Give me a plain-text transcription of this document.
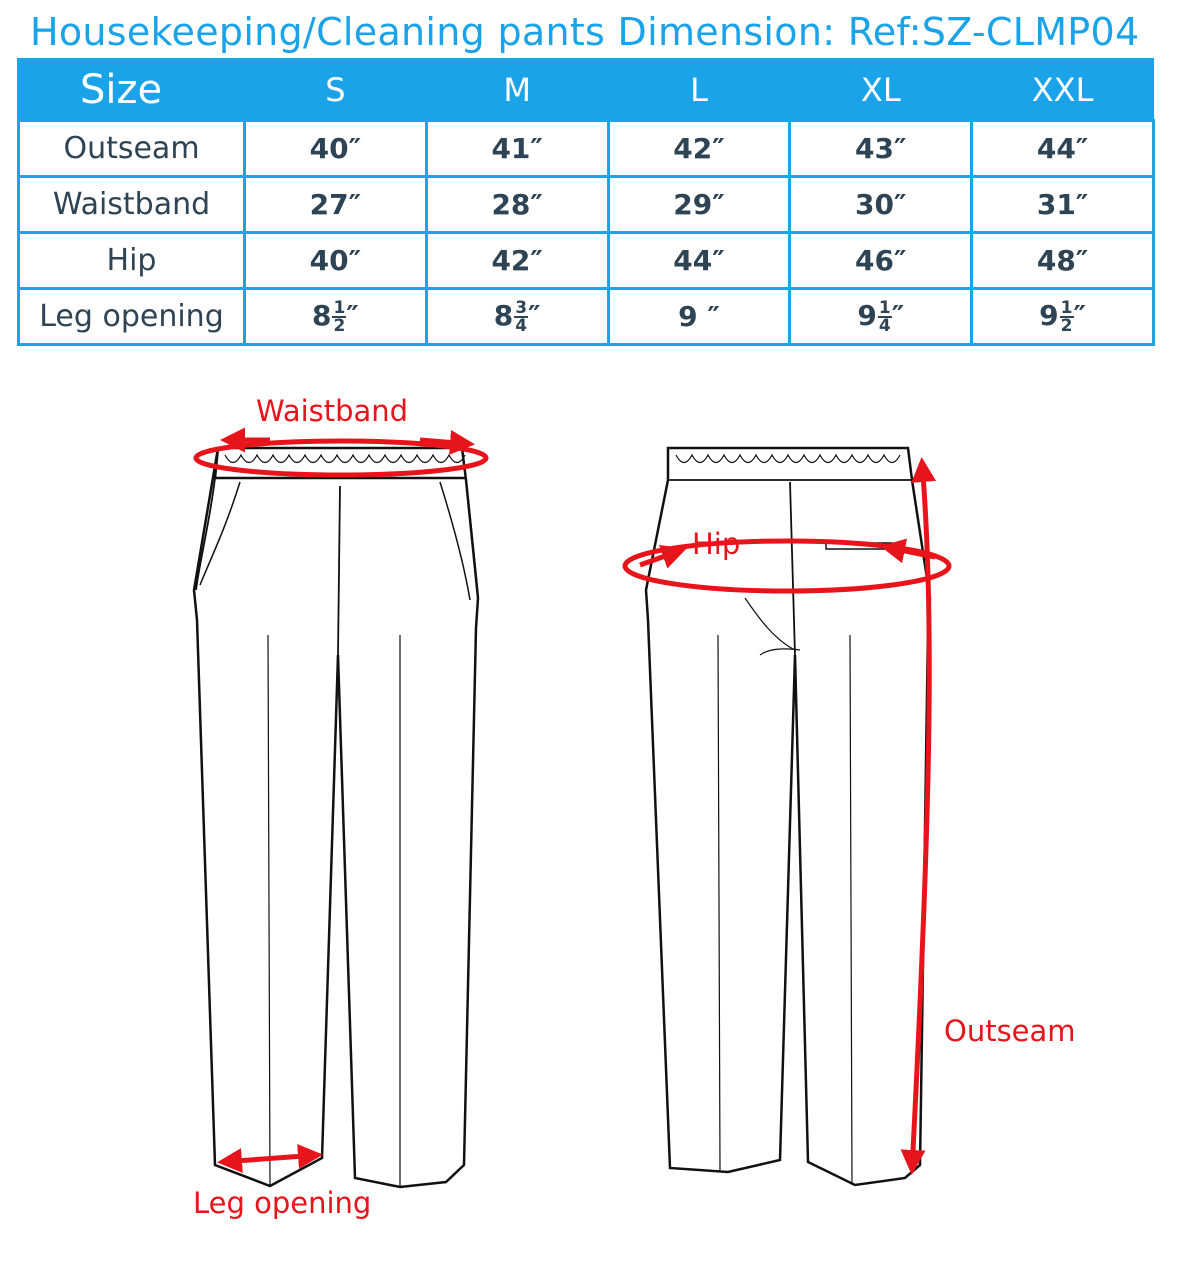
Housekeeping/Cleaning pants Dimension: Ref:SZ-CLMP04
Size	S	M	L	XL	XXL
Outseam	40″	41″	42″	43″	44″
Waistband	27″	28″	29″	30″	31″
Hip	40″	42″	44″	46″	48″
Leg opening	$8 \frac{1}{2}$ ″	$8 \frac{3}{4}$ ″	9 ″	$9 \frac{1}{4}$ ″	$9 \frac{1}{2}$ ″
Waistband
Hip
Outseam
Leg opening
